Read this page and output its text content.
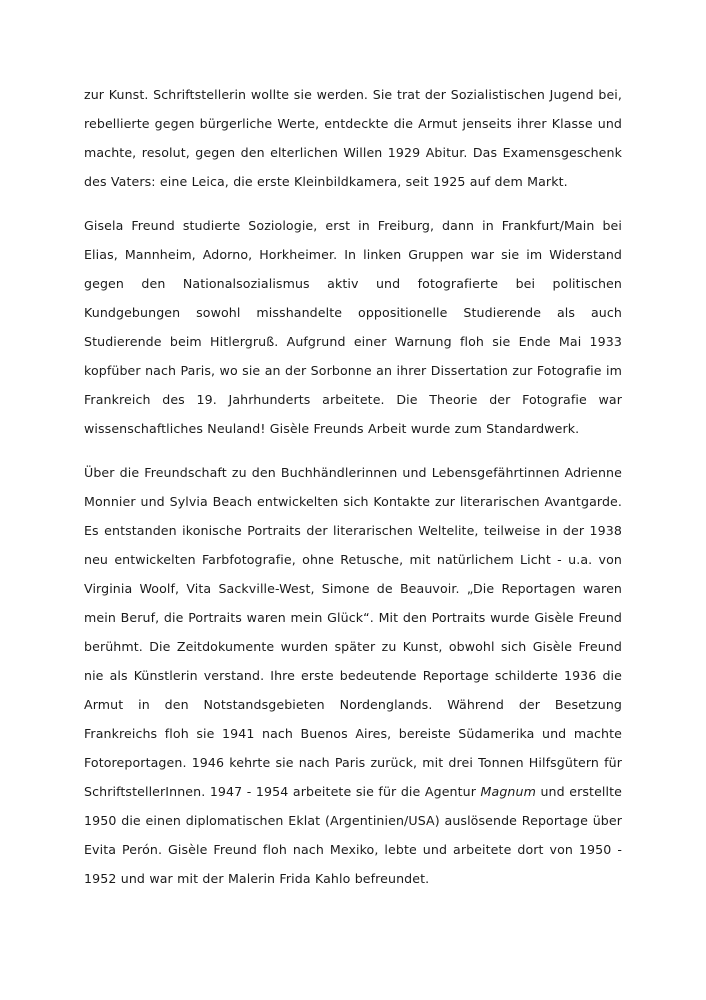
zur Kunst. Schriftstellerin wollte sie werden. Sie trat der Sozialistischen Jugend bei, rebellierte gegen bürgerliche Werte, entdeckte die Armut jenseits ihrer Klasse und machte, resolut, gegen den elterlichen Willen 1929 Abitur. Das Examensgeschenk des Vaters: eine Leica, die erste Kleinbildkamera, seit 1925 auf dem Markt.

Gisela Freund studierte Soziologie, erst in Freiburg, dann in Frankfurt/Main bei Elias, Mannheim, Adorno, Horkheimer. In linken Gruppen war sie im Widerstand gegen den Nationalsozialismus aktiv und fotografierte bei politischen Kundgebungen sowohl misshandelte oppositionelle Studierende als auch Studierende beim Hitlergruß. Aufgrund einer Warnung floh sie Ende Mai 1933 kopfüber nach Paris, wo sie an der Sorbonne an ihrer Dissertation zur Fotografie im Frankreich des 19. Jahrhunderts arbeitete. Die Theorie der Fotografie war wissenschaftliches Neuland! Gisèle Freunds Arbeit wurde zum Standardwerk.

Über die Freundschaft zu den Buchhändlerinnen und Lebensgefährtinnen Adrienne Monnier und Sylvia Beach entwickelten sich Kontakte zur literarischen Avantgarde. Es entstanden ikonische Portraits der literarischen Weltelite, teilweise in der 1938 neu entwickelten Farbfotografie, ohne Retusche, mit natürlichem Licht - u.a. von Virginia Woolf, Vita Sackville-West, Simone de Beauvoir. „Die Reportagen waren mein Beruf, die Portraits waren mein Glück“. Mit den Portraits wurde Gisèle Freund berühmt. Die Zeitdokumente wurden später zu Kunst, obwohl sich Gisèle Freund nie als Künstlerin verstand. Ihre erste bedeutende Reportage schilderte 1936 die Armut in den Notstandsgebieten Nordenglands. Während der Besetzung Frankreichs floh sie 1941 nach Buenos Aires, bereiste Südamerika und machte Fotoreportagen. 1946 kehrte sie nach Paris zurück, mit drei Tonnen Hilfsgütern für SchriftstellerInnen. 1947 - 1954 arbeitete sie für die Agentur Magnum und erstellte 1950 die einen diplomatischen Eklat (Argentinien/USA) auslösende Reportage über Evita Perón. Gisèle Freund floh nach Mexiko, lebte und arbeitete dort von 1950 - 1952 und war mit der Malerin Frida Kahlo befreundet.
